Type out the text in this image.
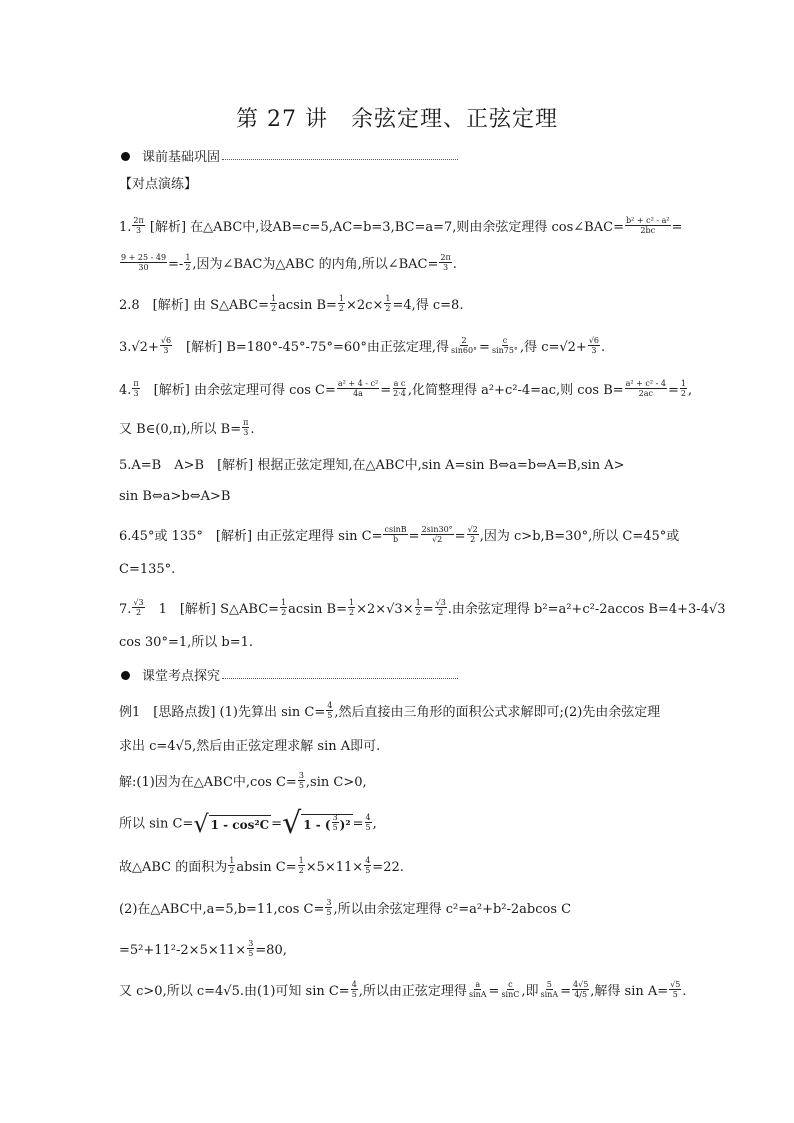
第 27 讲　余弦定理、正弦定理
课前基础巩固
【对点演练】
1. $\frac{2\pi}{3}$ [解析] 在△ABC中,设AB=c=5,AC=b=3,BC=a=7,则由余弦定理得 cos∠BAC= $\frac{\text{b² + c² - a²}}{2bc}$ =
$\frac{9 + 25 - 49}{30} =- \frac{1}{2}$ ,因为∠BAC为△ABC 的内角,所以∠BAC= $\frac{2\pi}{3}$ .
2.8　[解析] 由 S△ABC= $\frac{1}{2}$ acsin $B= \frac{1}{2} \times 2c\times \frac{1}{2} =4$,得 c=8.
$3.√2+ \frac{√6}{3}$ 　[解析] B=180°-45°-75°=60°由正弦定理,得 $\frac{2}{\sin 60^\circ} = \frac{c}{\sin 75^\circ}$ ,得 $c=√2+ \frac{√6}{3}$ .
4. $\frac{\pi}{3}$ 　[解析] 由余弦定理可得 $\cos C= \frac{\text{a² + 4 - c²}}{4a} = \frac{\text{a c}}{2\cdot 4}$ ,化简整理得 a²+c²-4=ac,则 $\cos B= \frac{\text{a² + c² - 4}}{2ac} = \frac{1}{2}$ ,
又 B∈(0,π),所以 $B= \frac{\pi}{3}$ .
5.A=B　A>B　[解析] 根据正弦定理知,在△ABC中,sin A=sin B⇔a=b⇔A=B,sin A>
sin B⇔a>b⇔A>B
6.45°或 135°　[解析] 由正弦定理得 $\sin C= \frac{csinB}{b} = \frac{2\sin 30^\circ}{√2} = \frac{√2}{2}$ ,因为 c>b,B=30°,所以 C=45°或
C=135°.
7. $\frac{√3}{2}$ 　1　[解析] S△ABC= $\frac{1}{2}$ acsin $B= \frac{1}{2} \times 2\times√3\times \frac{1}{2} = \frac{√3}{2}$ .由余弦定理得 b²=a²+c²-2accos B=4+3-4√3
cos 30°=1,所以 b=1.
课堂考点探究
例1　[思路点拨] (1)先算出 $\sin C= \frac{4}{5}$ ,然后直接由三角形的面积公式求解即可;(2)先由余弦定理
求出 c=4√5,然后由正弦定理求解 sin A即可.
解:(1)因为在△ABC中,cos $C= \frac{3}{5} ,\sin$ C>0,
所以 sin C= √ 1 - cos²C = √ 1 - ( $\frac{3}{5} )^2 = \frac{4}{5}$ ,
故△ABC 的面积为 $\frac{1}{2}$ absin $C= \frac{1}{2} \times 5\times 11\times \frac{4}{5} =22$.
(2)在△ABC中,a=5,b=11,cos $C= \frac{3}{5}$ ,所以由余弦定理得 c²=a²+b²-2abcos C
$=5^2+11^2-2\times 5\times 11\times \frac{3}{5} =80$,
又 c>0,所以 c=4√5.由(1)可知 $\sin C= \frac{4}{5}$ ,所以由正弦定理得 $\frac{a}{\sin A} = \frac{c}{\sin C}$ ,即 $\frac{5}{\sin A} = \frac{4√5}{4/5}$ ,解得 $\sin A= \frac{√5}{5}$ .
